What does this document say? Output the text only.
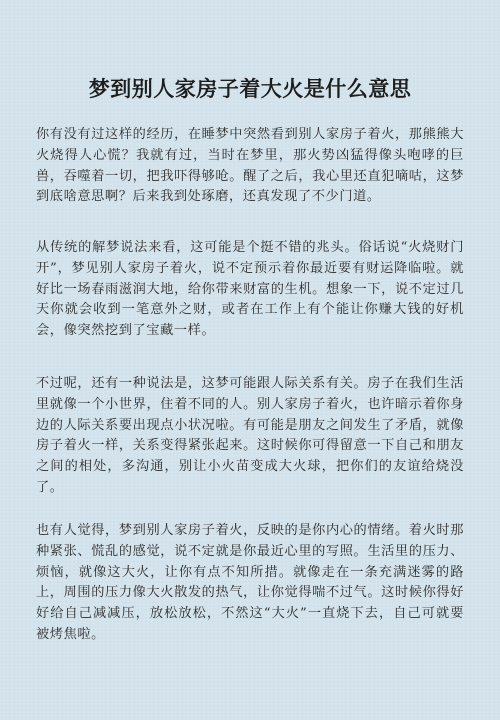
梦到别人家房子着大火是什么意思

你有没有过这样的经历，在睡梦中突然看到别人家房子着火，那熊熊大火烧得人心慌？我就有过，当时在梦里，那火势凶猛得像头咆哮的巨兽，吞噬着一切，把我吓得够呛。醒了之后，我心里还直犯嘀咕，这梦到底啥意思啊？后来我到处琢磨，还真发现了不少门道。

从传统的解梦说法来看，这可能是个挺不错的兆头。俗话说“火烧财门开”，梦见别人家房子着火，说不定预示着你最近要有财运降临啦。就好比一场春雨滋润大地，给你带来财富的生机。想象一下，说不定过几天你就会收到一笔意外之财，或者在工作上有个能让你赚大钱的好机会，像突然挖到了宝藏一样。

不过呢，还有一种说法是，这梦可能跟人际关系有关。房子在我们生活里就像一个小世界，住着不同的人。别人家房子着火，也许暗示着你身边的人际关系要出现点小状况啦。有可能是朋友之间发生了矛盾，就像房子着火一样，关系变得紧张起来。这时候你可得留意一下自己和朋友之间的相处，多沟通，别让小火苗变成大火球，把你们的友谊给烧没了。

也有人觉得，梦到别人家房子着火，反映的是你内心的情绪。着火时那种紧张、慌乱的感觉，说不定就是你最近心里的写照。生活里的压力、烦恼，就像这大火，让你有点不知所措。就像走在一条充满迷雾的路上，周围的压力像大火散发的热气，让你觉得喘不过气。这时候你得好好给自己减减压，放松放松，不然这“大火”一直烧下去，自己可就要被烤焦啦。
